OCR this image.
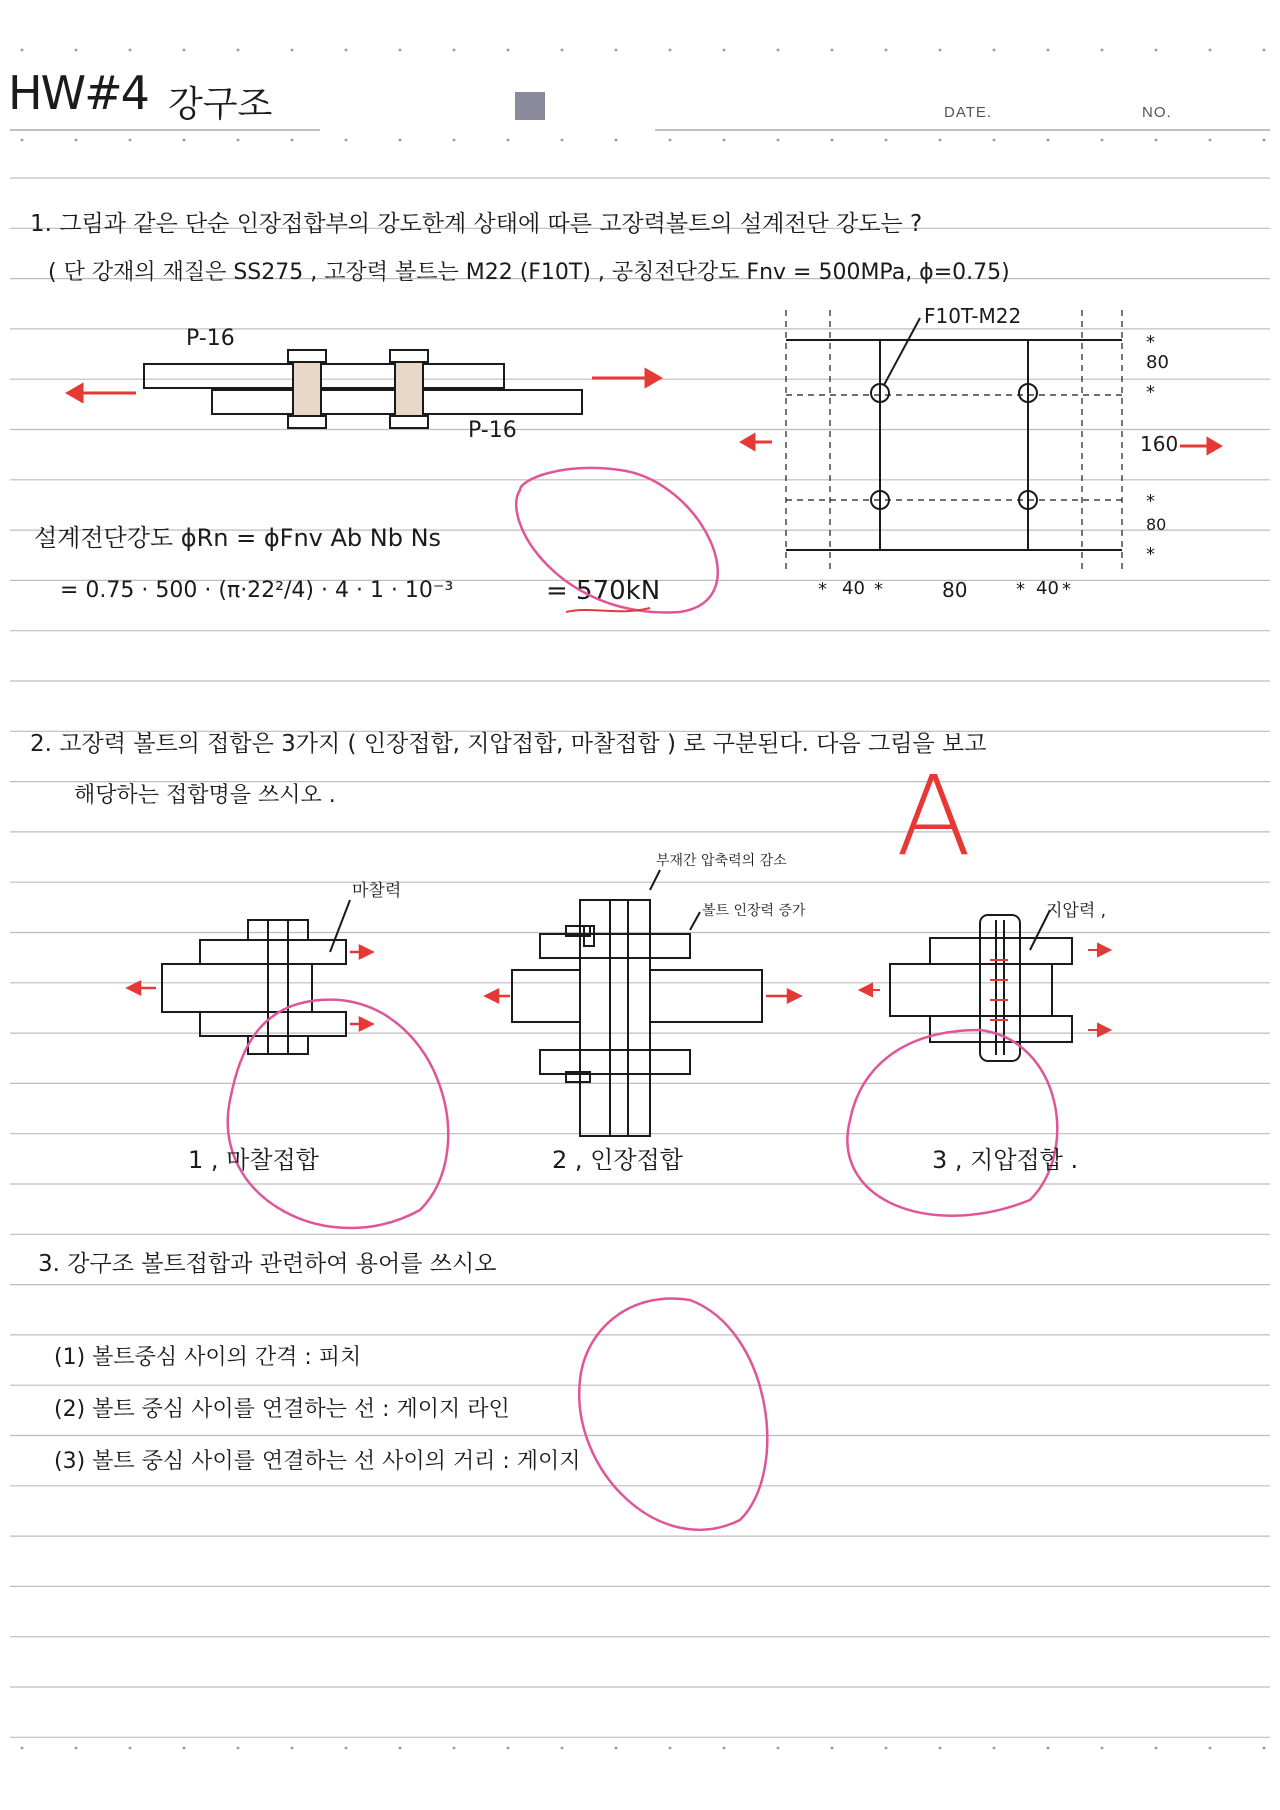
HW#4 강구조	DATE.	NO.
1. 그림과 같은 단순 인장접합부의 강도한계 상태에 따른 고장력볼트의 설계전단 강도는 ?
( 단 강재의 재질은 SS275 , 고장력 볼트는 M22 (F10T) , 공칭전단강도 Fnv = 500MPa, ϕ=0.75)
P-16
P-16
*
*
*
*
*	*	* *
F10T-M22
80
160
80
40	80	40
설계전단강도 ϕRn = ϕFnv Ab Nb Ns
= 0.75 · 500 · (π·22²/4) · 4 · 1 · 10⁻³	= 570kN
2. 고장력 볼트의 접합은 3가지 ( 인장접합, 지압접합, 마찰접합 ) 로 구분된다. 다음 그림을 보고
해당하는 접합명을 쓰시오 .	A
마찰력
부재간 압축력의 감소
볼트 인장력 증가	지압력 ,
1 , 마찰접합	2 , 인장접합	3 , 지압접합 .
3. 강구조 볼트접합과 관련하여 용어를 쓰시오
(1) 볼트중심 사이의 간격 : 피치
(2) 볼트 중심 사이를 연결하는 선 : 게이지 라인
(3) 볼트 중심 사이를 연결하는 선 사이의 거리 : 게이지
